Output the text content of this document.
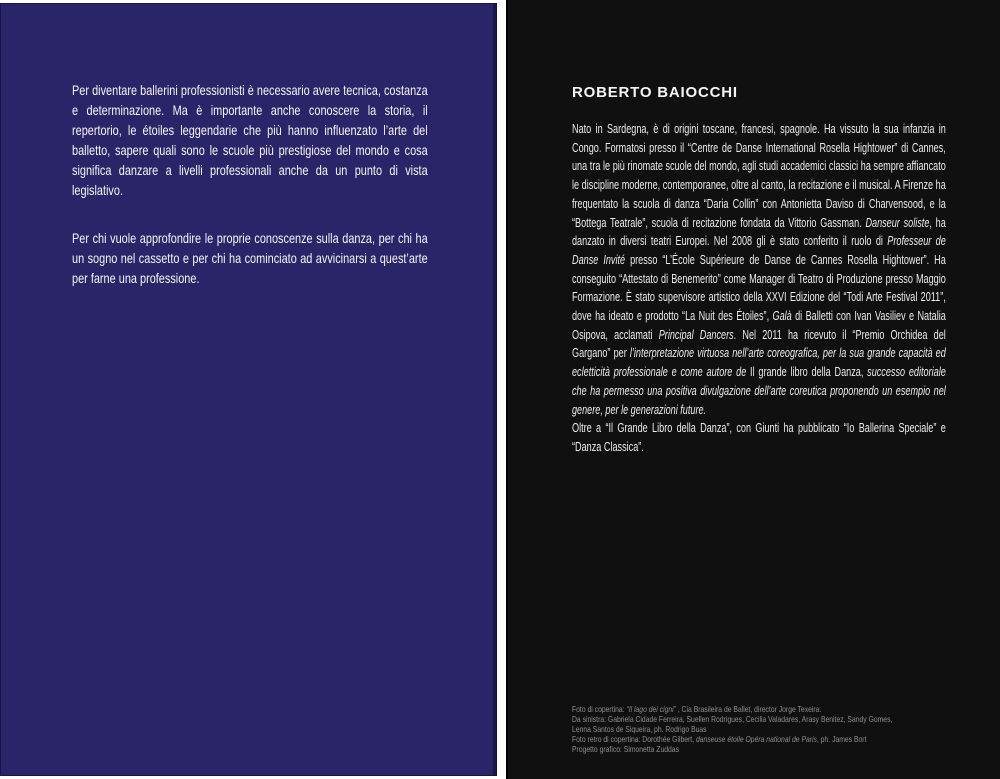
Per diventare ballerini professionisti è necessario avere tecnica, costanza e determinazione. Ma è importante anche conoscere la storia, il repertorio, le étoiles leggendarie che più hanno influenzato l’arte del balletto, sapere quali sono le scuole più prestigiose del mondo e cosa significa danzare a livelli professionali anche da un punto di vista legislativo.

Per chi vuole approfondire le proprie conoscenze sulla danza, per chi ha un sogno nel cassetto e per chi ha cominciato ad avvicinarsi a quest’arte per farne una professione.

ROBERTO BAIOCCHI

Nato in Sardegna, è di origini toscane, francesi, spagnole. Ha vissuto la sua infanzia in Congo. Formatosi presso il “Centre de Danse International Rosella Hightower” di Cannes, una tra le più rinomate scuole del mondo, agli studi accademici classici ha sempre affiancato le discipline moderne, contemporanee, oltre al canto, la recitazione e il musical. A Firenze ha frequentato la scuola di danza “Daria Collin” con Antonietta Daviso di Charvensood, e la “Bottega Teatrale”, scuola di recitazione fondata da Vittorio Gassman. Danseur soliste, ha danzato in diversi teatri Europei. Nel 2008 gli è stato conferito il ruolo di Professeur de Danse Invité presso “L’École Supérieure de Danse de Cannes Rosella Hightower”. Ha conseguito “Attestato di Benemerito” come Manager di Teatro di Produzione presso Maggio Formazione. È stato supervisore artistico della XXVI Edizione del “Todi Arte Festival 2011”, dove ha ideato e prodotto “La Nuit des Étoiles”, Galà di Balletti con Ivan Vasiliev e Natalia Osipova, acclamati Principal Dancers. Nel 2011 ha ricevuto il “Premio Orchidea del Gargano” per l’interpretazione virtuosa nell’arte coreografica, per la sua grande capacità ed ecletticità professionale e come autore de Il grande libro della Danza, successo editoriale che ha permesso una positiva divulgazione dell’arte coreutica proponendo un esempio nel genere, per le generazioni future.
Oltre a “Il Grande Libro della Danza”, con Giunti ha pubblicato “Io Ballerina Speciale” e “Danza Classica”.

Foto di copertina: “Il lago dei cigni” , Cia Brasileira de Ballet, director Jorge Texeira.
Da sinistra: Gabriela Cidade Ferreira, Suellen Rodrigues, Cecilia Valadares, Arasy Benitez, Sandy Gomes,
Lenna Santos de Siqueira, ph. Rodrigo Buas
Foto retro di copertina: Dorothée Gilbert, danseuse étoile Opéra national de Paris, ph. James Bort
Progetto grafico: Simonetta Zuddas
